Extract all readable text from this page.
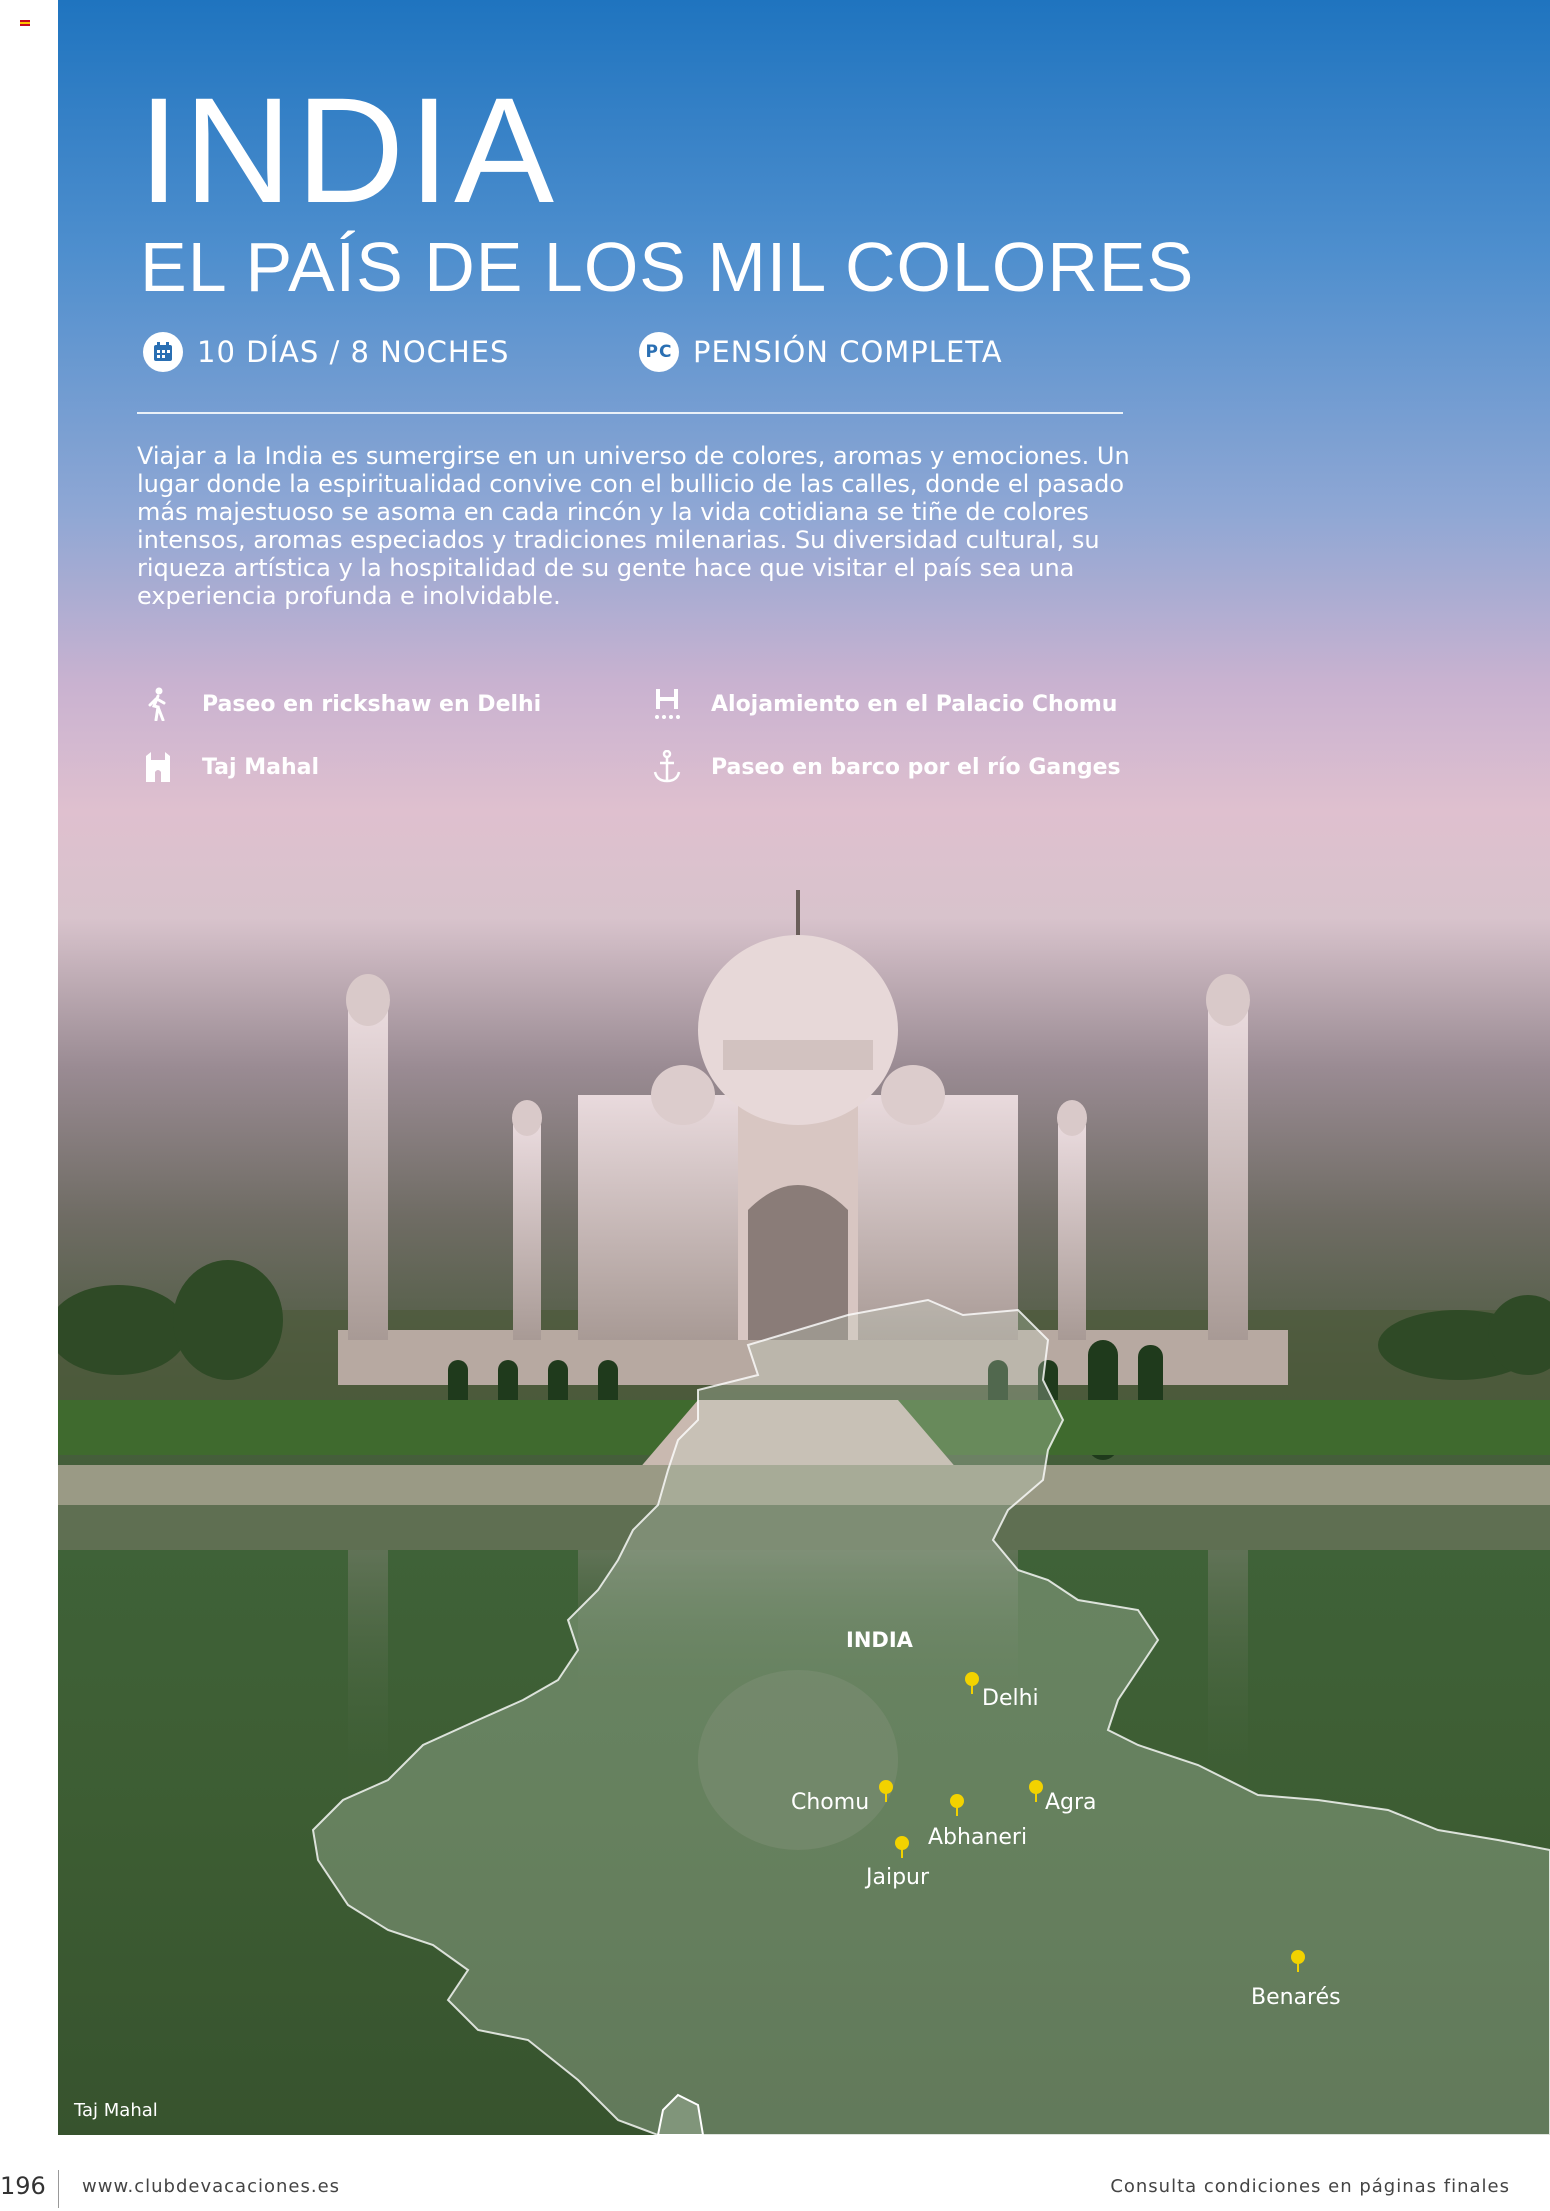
INDIA
EL PAÍS DE LOS MIL COLORES
10 DÍAS / 8 NOCHES	PC PENSIÓN COMPLETA

Viajar a la India es sumergirse en un universo de colores, aromas y emociones. Un lugar donde la espiritualidad convive con el bullicio de las calles, donde el pasado más majestuoso se asoma en cada rincón y la vida cotidiana se tiñe de colores intensos, aromas especiados y tradiciones milenarias. Su diversidad cultural, su riqueza artística y la hospitalidad de su gente hace que visitar el país sea una experiencia profunda e inolvidable.

Paseo en rickshaw en Delhi	Alojamiento en el Palacio Chomu
Taj Mahal	Paseo en barco por el río Ganges
INDIA
Delhi
Chomu	Agra
Abhaneri
Jaipur
Benarés
Taj Mahal
196 www.clubdevacaciones.es	Consulta condiciones en páginas finales
